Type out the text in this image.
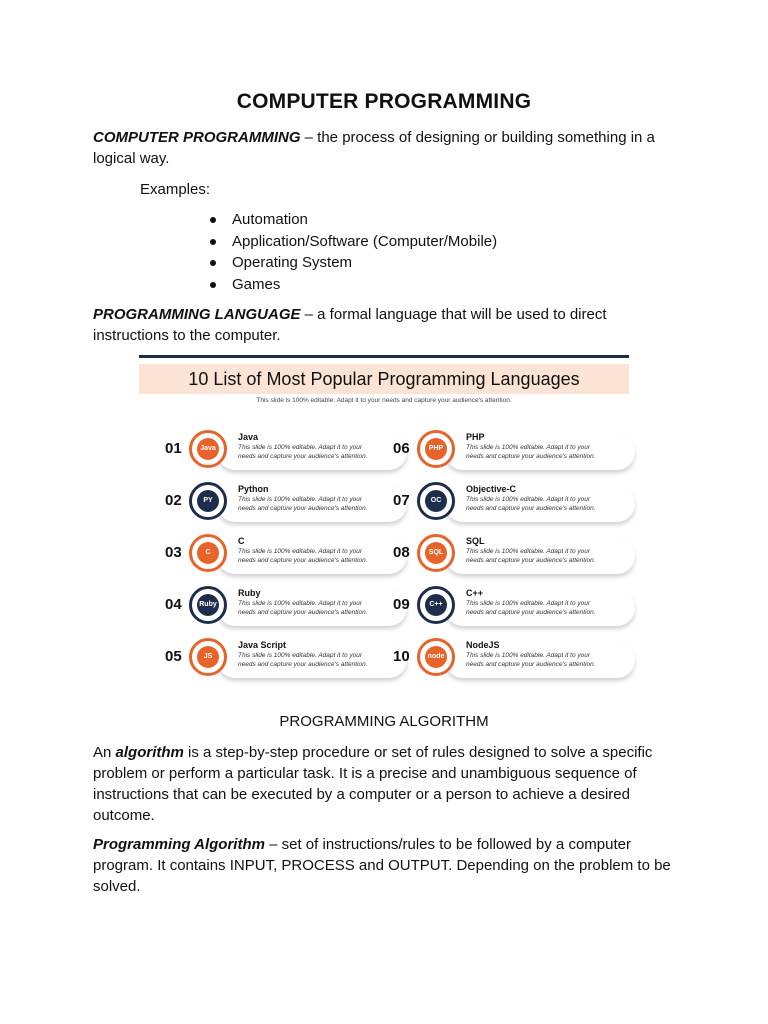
COMPUTER PROGRAMMING
COMPUTER PROGRAMMING – the process of designing or building something in a
logical way.
Examples:
Automation
Application/Software (Computer/Mobile)
Operating System
Games
PROGRAMMING LANGUAGE – a formal language that will be used to direct
instructions to the computer.
10 List of Most Popular Programming Languages
This slide is 100% editable. Adapt it to your needs and capture your audience's attention.
01	Java
Java
This slide is 100% editable. Adapt it to your
needs and capture your audience's attention.
02	PY
Python
This slide is 100% editable. Adapt it to your
needs and capture your audience's attention.
03	C
C
This slide is 100% editable. Adapt it to your
needs and capture your audience's attention.
04	Ruby
Ruby
This slide is 100% editable. Adapt it to your
needs and capture your audience's attention.
05	JS
Java Script
This slide is 100% editable. Adapt it to your
needs and capture your audience's attention.
06	PHP
PHP
This slide is 100% editable. Adapt it to your
needs and capture your audience's attention.
07	OC
Objective-C
This slide is 100% editable. Adapt it to your
needs and capture your audience's attention.
08	SQL
SQL
This slide is 100% editable. Adapt it to your
needs and capture your audience's attention.
09	C++
C++
This slide is 100% editable. Adapt it to your
needs and capture your audience's attention.
10	node
NodeJS
This slide is 100% editable. Adapt it to your
needs and capture your audience's attention.
PROGRAMMING ALGORITHM
An algorithm is a step-by-step procedure or set of rules designed to solve a specific
problem or perform a particular task. It is a precise and unambiguous sequence of
instructions that can be executed by a computer or a person to achieve a desired
outcome.
Programming Algorithm – set of instructions/rules to be followed by a computer
program. It contains INPUT, PROCESS and OUTPUT. Depending on the problem to be
solved.
